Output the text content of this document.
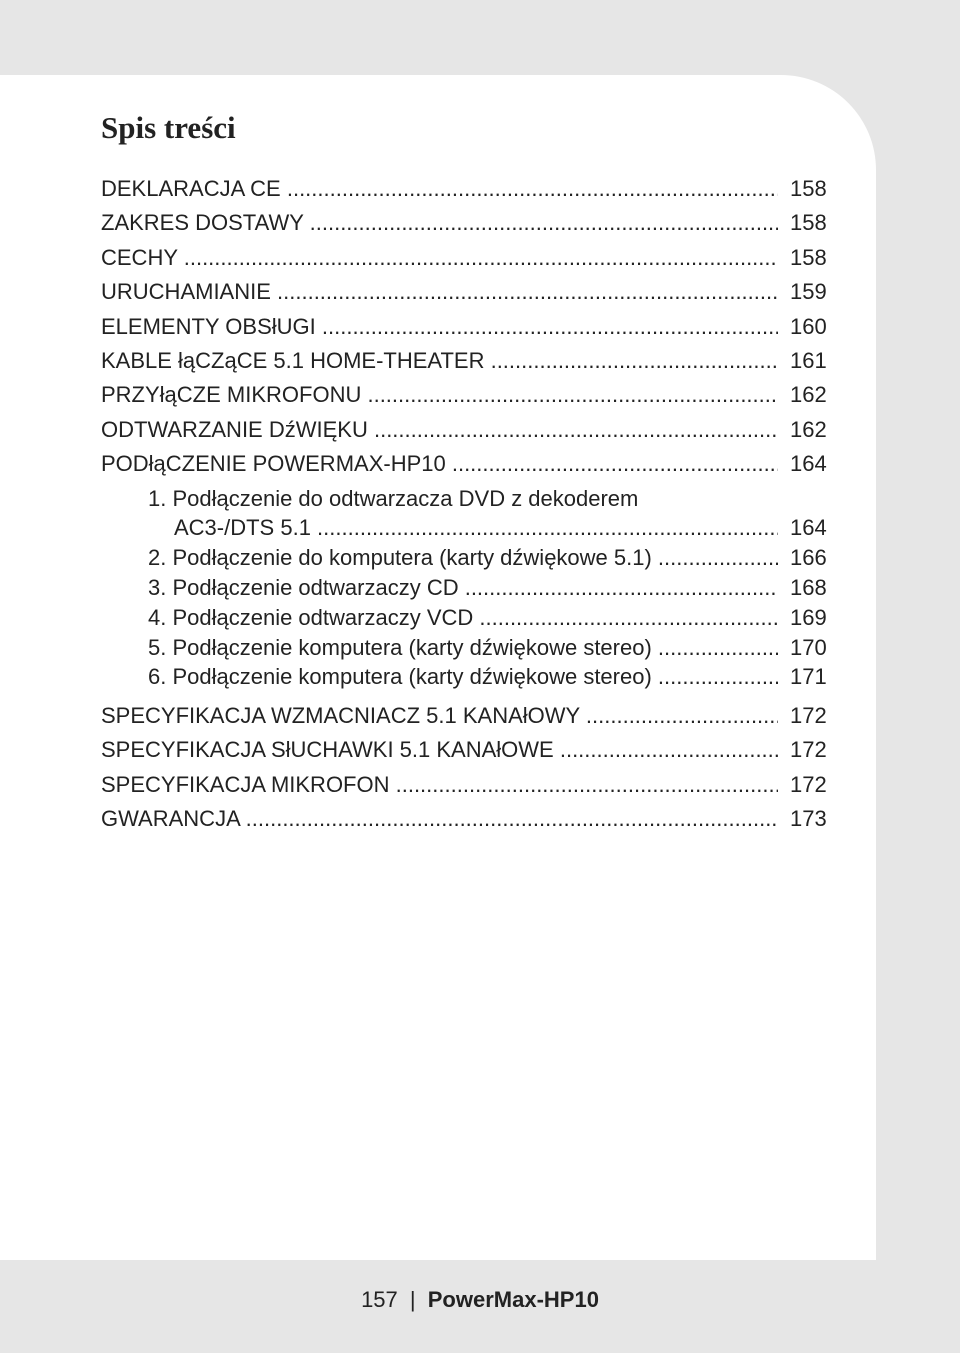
Spis treści
DEKLARACJA CE .....	158
ZAKRES DOSTAWY .....	158
CECHY .....	158
URUCHAMIANIE .....	159
ELEMENTY OBSłUGI .....	160
KABLE łąCZąCE 5.1 HOME-THEATER .....	161
PRZYłąCZE MIKROFONU .....	162
ODTWARZANIE DźWIĘKU .....	162
PODłąCZENIE POWERMAX-HP10 .....	164
1. Podłączenie do odtwarzacza DVD z dekoderem
AC3-/DTS 5.1 .....	164
2. Podłączenie do komputera (karty dźwiękowe 5.1) .....	166
3. Podłączenie odtwarzaczy CD .....	168
4. Podłączenie odtwarzaczy VCD .....	169
5. Podłączenie komputera (karty dźwiękowe stereo) .....	170
6. Podłączenie komputera (karty dźwiękowe stereo) .....	171
SPECYFIKACJA WZMACNIACZ 5.1 KANAłOWY .....	172
SPECYFIKACJA SłUCHAWKI 5.1 KANAłOWE .....	172
SPECYFIKACJA MIKROFON .....	172
GWARANCJA .....	173
157 | PowerMax-HP10
